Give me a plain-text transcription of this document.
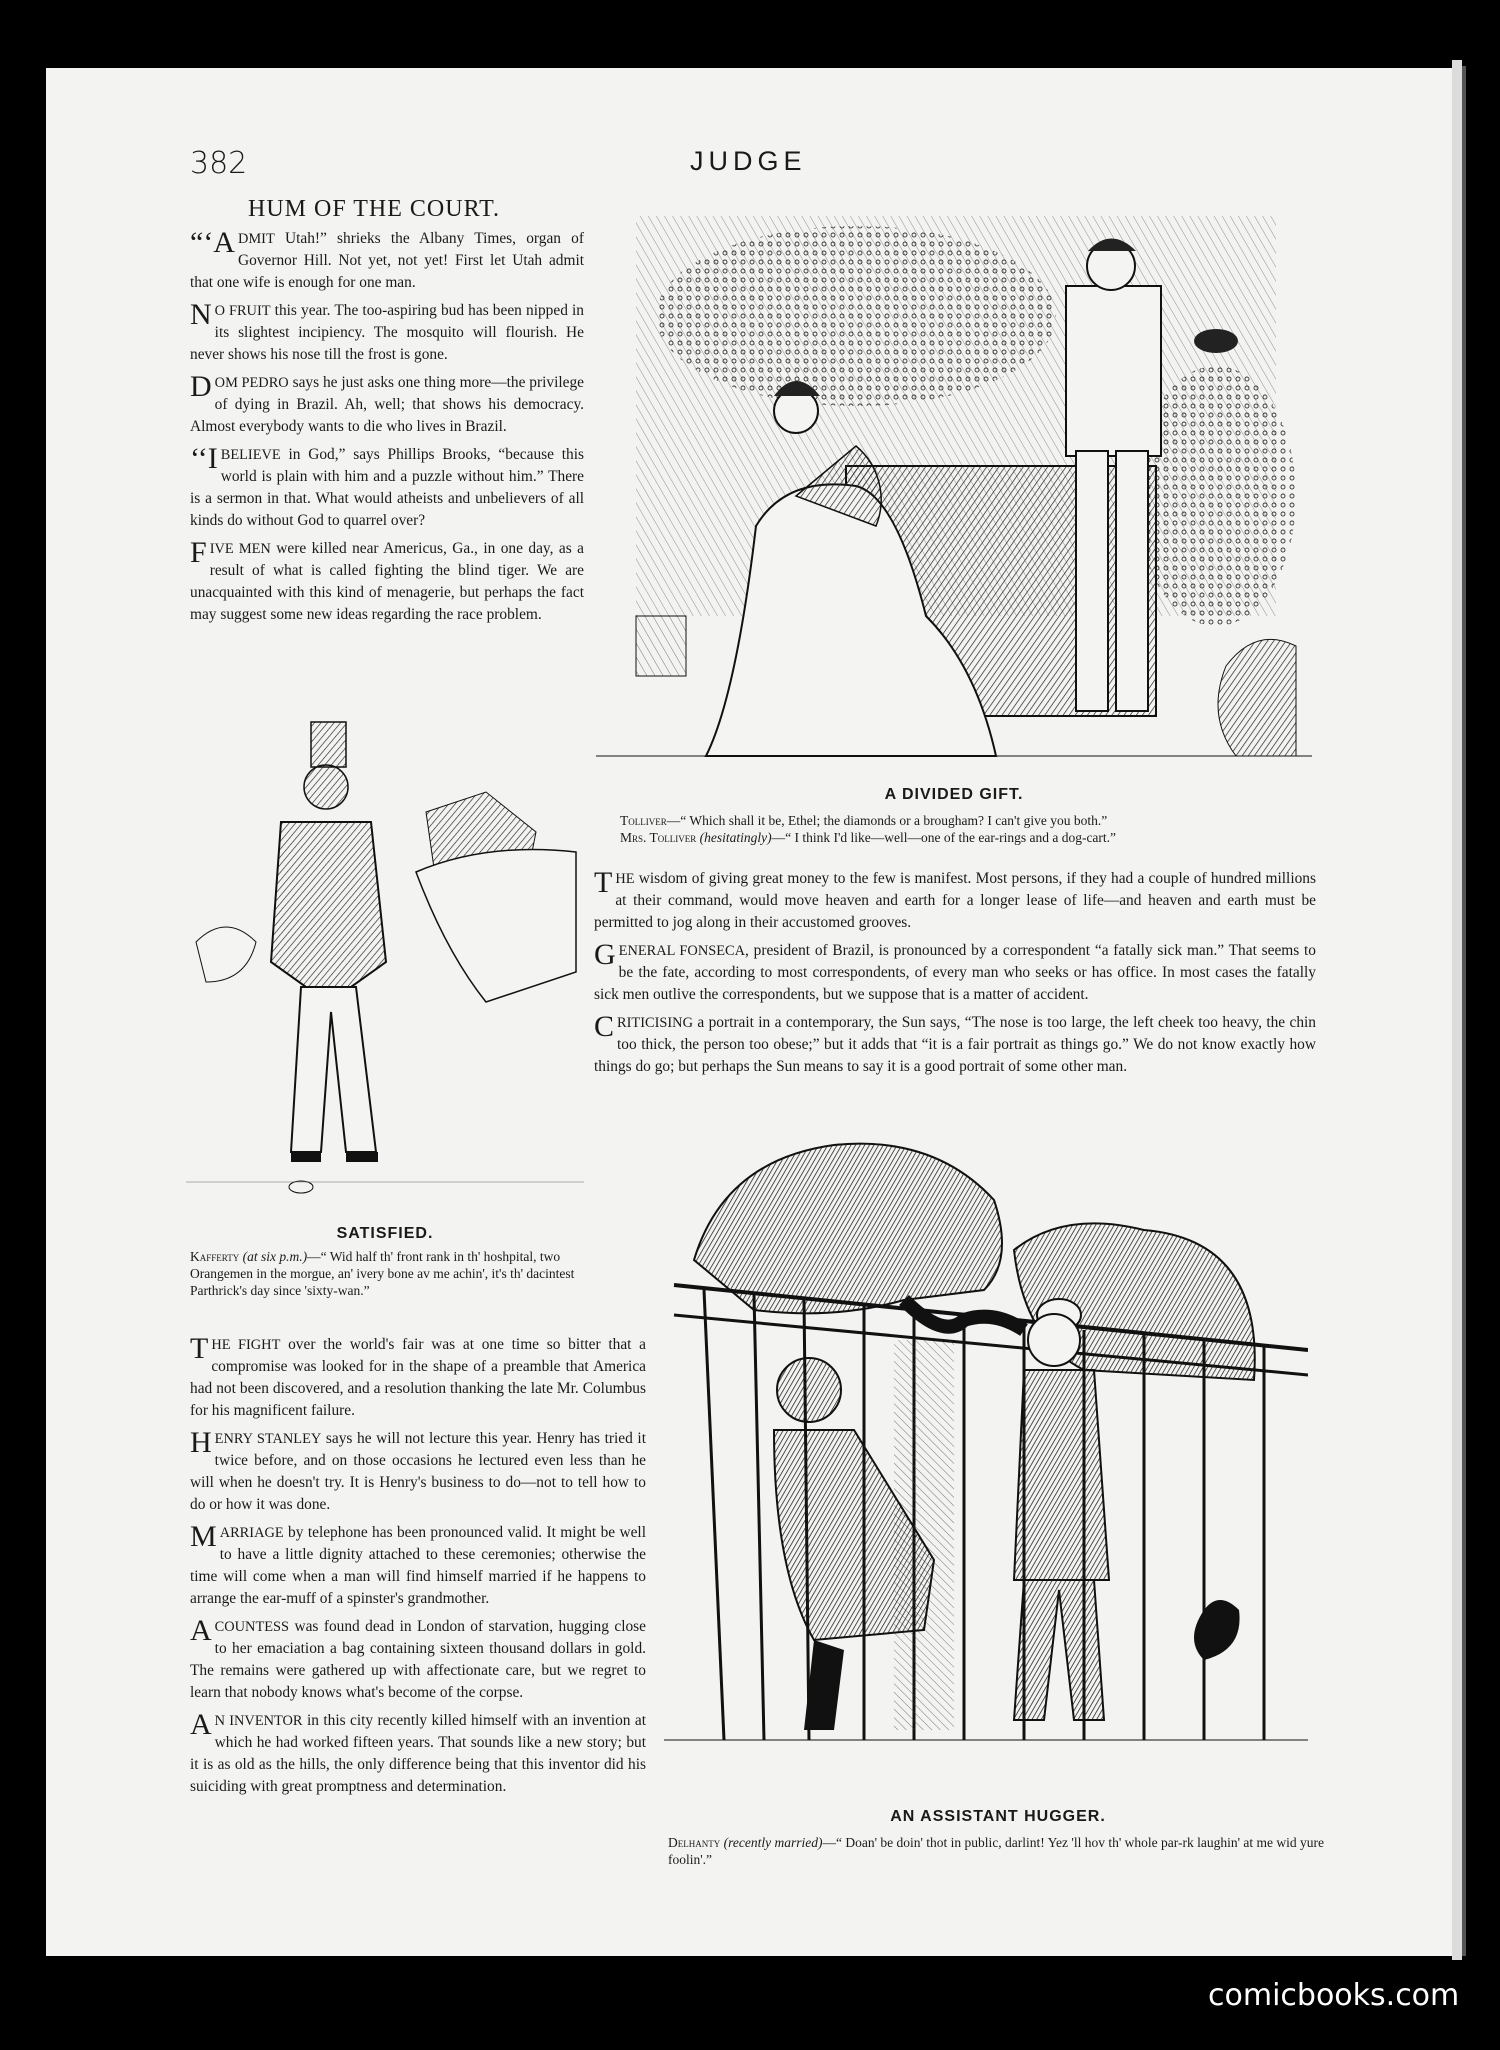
382	JUDGE
HUM OF THE COURT.

“‘A DMIT Utah!” shrieks the Albany Times, organ of Governor Hill. Not yet, not yet! First let Utah admit that one wife is enough for one man.

N O FRUIT this year. The too-aspiring bud has been nipped in its slightest incipiency. The mosquito will flourish. He never shows his nose till the frost is gone.

DOM PEDRO says he just asks one thing more—the privilege of dying in Brazil. Ah, well; that shows his democracy. Almost everybody wants to die who lives in Brazil.

‘‘I BELIEVE in God,” says Phillips Brooks, “because this world is plain with him and a puzzle without him.” There is a sermon in that. What would atheists and unbelievers of all kinds do without God to quarrel over?

FIVE MEN were killed near Americus, Ga., in one day, as a result of what is called fighting the blind tiger. We are unacquainted with this kind of menagerie, but perhaps the fact may suggest some new ideas regarding the race problem.

A DIVIDED GIFT.
Tolliver—“ Which shall it be, Ethel; the diamonds or a brougham? I can't give you both.”
Mrs. Tolliver (hesitatingly)—“ I think I'd like—well—one of the ear-rings and a dog-cart.”

THE wisdom of giving great money to the few is manifest. Most persons, if they had a couple of hundred millions at their command, would move heaven and earth for a longer lease of life—and heaven and earth must be permitted to jog along in their accustomed grooves.

GENERAL FONSECA, president of Brazil, is pronounced by a correspondent “a fatally sick man.” That seems to be the fate, according to most correspondents, of every man who seeks or has office. In most cases the fatally sick men outlive the correspondents, but we suppose that is a matter of accident.

CRITICISING a portrait in a contemporary, the Sun says, “The nose is too large, the left cheek too heavy, the chin too thick, the person too obese;” but it adds that “it is a fair portrait as things go.” We do not know exactly how things do go; but perhaps the Sun means to say it is a good portrait of some other man.

SATISFIED.
Kafferty (at six p.m.)—“ Wid half th' front rank in th' hoshpital, two Orangemen in the morgue, an' ivery bone av me achin', it's th' dacintest Parthrick's day since 'sixty-wan.”

THE FIGHT over the world's fair was at one time so bitter that a compromise was looked for in the shape of a preamble that America had not been discovered, and a resolution thanking the late Mr. Columbus for his magnificent failure.

HENRY STANLEY says he will not lecture this year. Henry has tried it twice before, and on those occasions he lectured even less than he will when he doesn't try. It is Henry's business to do—not to tell how to do or how it was done.

MARRIAGE by telephone has been pronounced valid. It might be well to have a little dignity attached to these ceremonies; otherwise the time will come when a man will find himself married if he happens to arrange the ear-muff of a spinster's grandmother.

A COUNTESS was found dead in London of starvation, hugging close to her emaciation a bag containing sixteen thousand dollars in gold. The remains were gathered up with affectionate care, but we regret to learn that nobody knows what's become of the corpse.

A N INVENTOR in this city recently killed himself with an invention at which he had worked fifteen years. That sounds like a new story; but it is as old as the hills, the only difference being that this inventor did his suiciding with great promptness and determination.

AN ASSISTANT HUGGER.
Delhanty (recently married)—“ Doan' be doin' thot in public, darlint! Yez 'll hov th' whole par-rk laughin' at me wid yure foolin'.”
comicbooks.com
